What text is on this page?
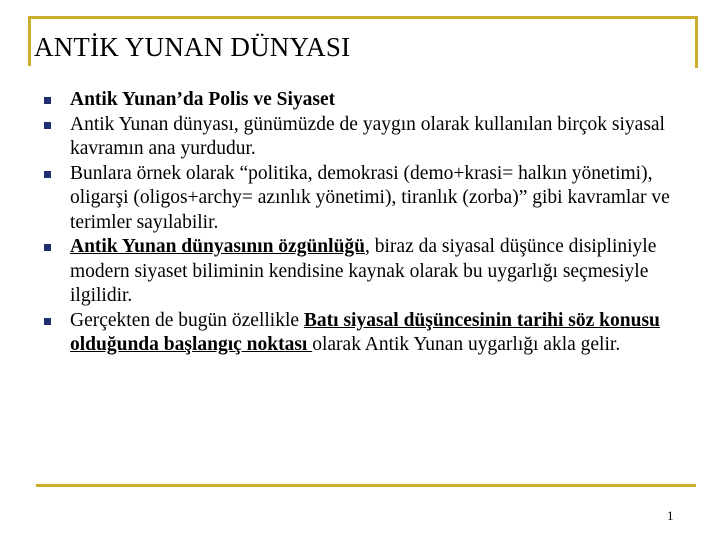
ANTİK YUNAN DÜNYASI
Antik Yunan’da Polis ve Siyaset
Antik Yunan dünyası, günümüzde de yaygın olarak kullanılan birçok siyasal kavramın ana yurdudur.
Bunlara örnek olarak “politika, demokrasi (demo+krasi= halkın yönetimi), oligarşi (oligos+archy= azınlık yönetimi), tiranlık (zorba)” gibi kavramlar ve terimler sayılabilir.
Antik Yunan dünyasının özgünlüğü, biraz da siyasal düşünce disipliniyle modern siyaset biliminin kendisine kaynak olarak bu uygarlığı seçmesiyle ilgilidir.
Gerçekten de bugün özellikle Batı siyasal düşüncesinin tarihi söz konusu olduğunda başlangıç noktası olarak Antik Yunan uygarlığı akla gelir.
1
